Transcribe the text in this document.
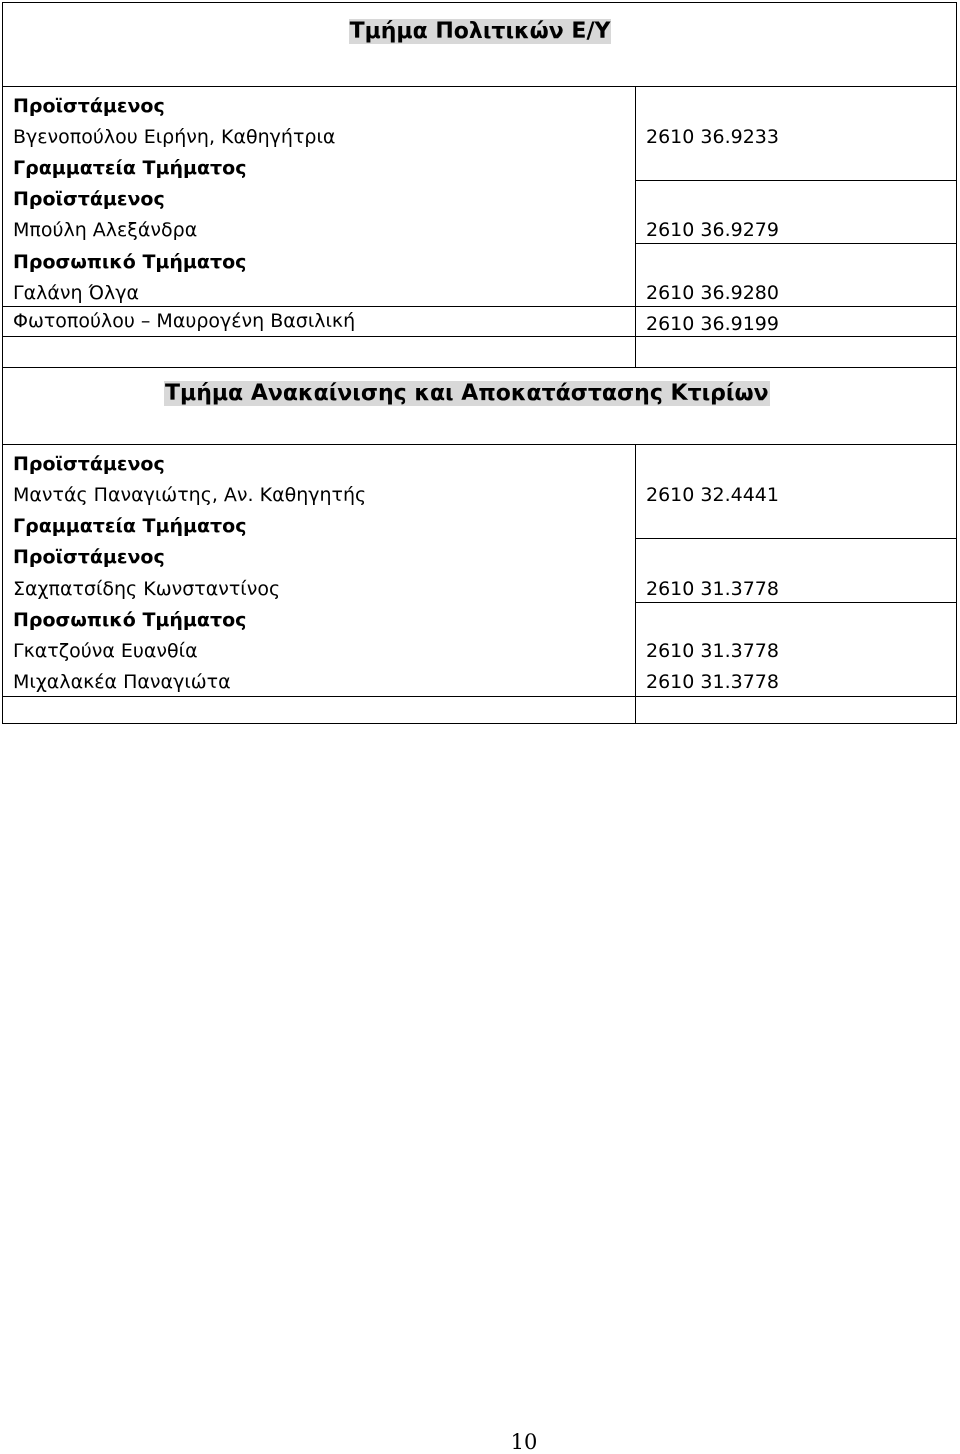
Τμήμα Πολιτικών Ε/Υ
Προϊστάμενος
Βγενοπούλου Ειρήνη, Καθηγήτρια	2610 36.9233
Γραμματεία Τμήματος
Προϊστάμενος
Μπούλη Αλεξάνδρα	2610 36.9279
Προσωπικό Τμήματος
Γαλάνη Όλγα	2610 36.9280
Φωτοπούλου – Μαυρογένη Βασιλική	2610 36.9199
Τμήμα Ανακαίνισης και Αποκατάστασης Κτιρίων
Προϊστάμενος
Μαντάς Παναγιώτης, Αν. Καθηγητής	2610 32.4441
Γραμματεία Τμήματος
Προϊστάμενος
Σαχπατσίδης Κωνσταντίνος	2610 31.3778
Προσωπικό Τμήματος
Γκατζούνα Ευανθία	2610 31.3778
Μιχαλακέα Παναγιώτα	2610 31.3778
10
